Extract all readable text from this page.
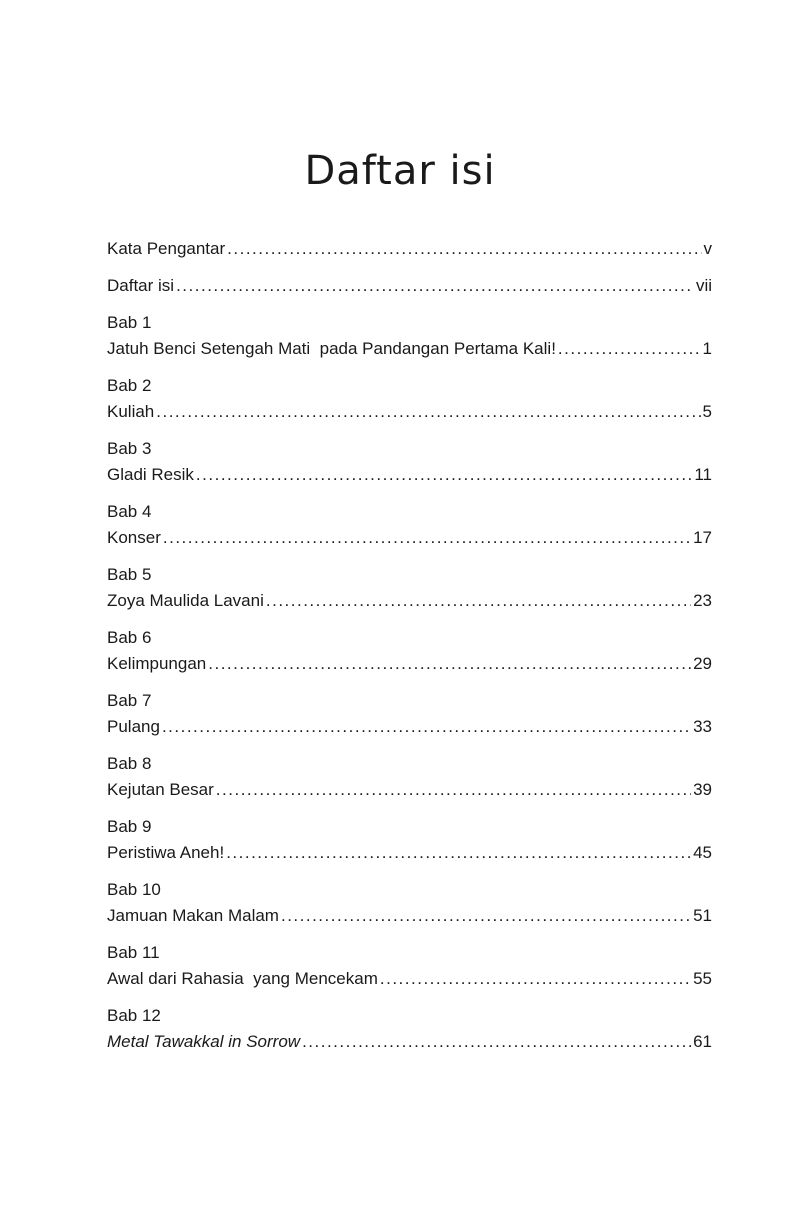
Daftar isi
Kata Pengantar .....	v
Daftar isi .....	vii
Bab 1
Jatuh Benci Setengah Mati  pada Pandangan Pertama Kali! .....	1
Bab 2
Kuliah .....	5
Bab 3
Gladi Resik .....	11
Bab 4
Konser .....	17
Bab 5
Zoya Maulida Lavani .....	23
Bab 6
Kelimpungan .....	29
Bab 7
Pulang .....	33
Bab 8
Kejutan Besar .....	39
Bab 9
Peristiwa Aneh! .....	45
Bab 10
Jamuan Makan Malam .....	51
Bab 11
Awal dari Rahasia  yang Mencekam .....	55
Bab 12
Metal Tawakkal in Sorrow .....	61
